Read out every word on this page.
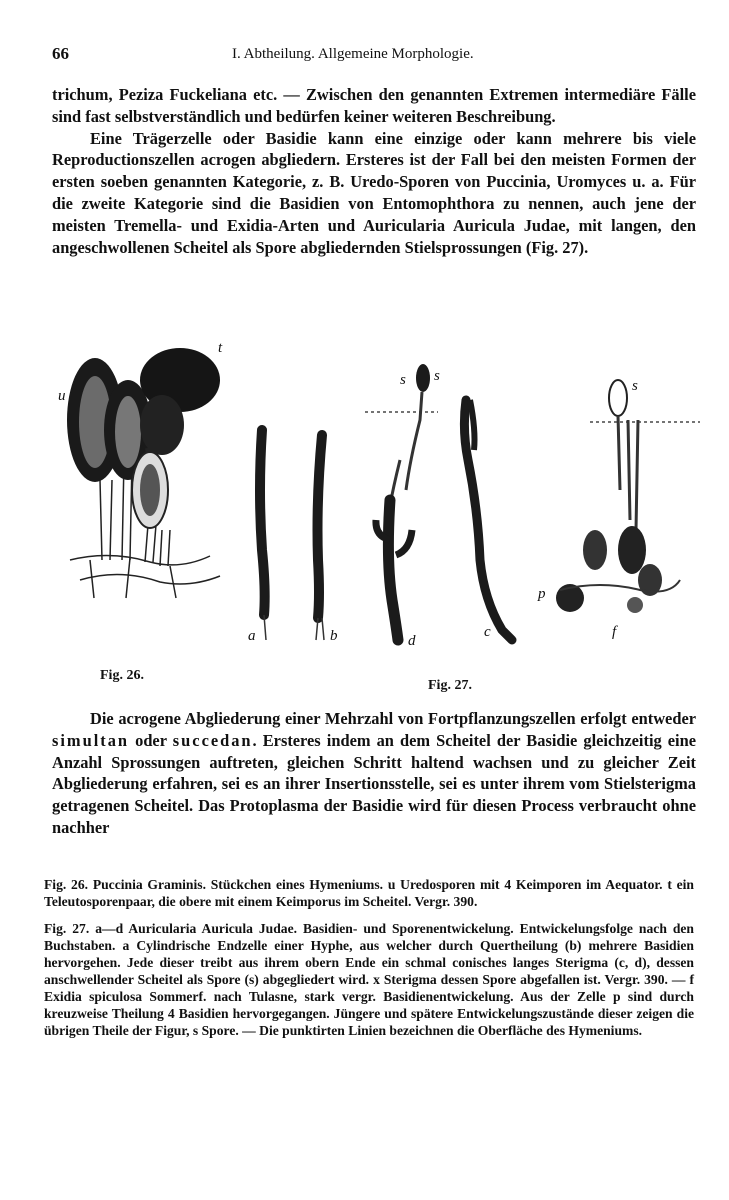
66	I. Abtheilung. Allgemeine Morphologie.

trichum, Peziza Fuckeliana etc. — Zwischen den genannten Extremen intermediäre Fälle sind fast selbstverständlich und bedürfen keiner weiteren Beschreibung.

Eine Trägerzelle oder Basidie kann eine einzige oder kann mehrere bis viele Reproductionszellen acrogen abgliedern. Ersteres ist der Fall bei den meisten Formen der ersten soeben genannten Kategorie, z. B. Uredo-Sporen von Puccinia, Uromyces u. a. Für die zweite Kategorie sind die Basidien von Entomophthora zu nennen, auch jene der meisten Tremella- und Exidia-Arten und Auricularia Auricula Judae, mit langen, den angeschwollenen Scheitel als Spore abgliedernden Stielsprossungen (Fig. 27).

u
t
Fig. 26.
a	b	d
c	f
p
s s
s
Fig. 27.

Die acrogene Abgliederung einer Mehrzahl von Fortpflanzungszellen erfolgt entweder simultan oder succedan. Ersteres indem an dem Scheitel der Basidie gleichzeitig eine Anzahl Sprossungen auftreten, gleichen Schritt haltend wachsen und zu gleicher Zeit Abgliederung erfahren, sei es an ihrer Insertionsstelle, sei es unter ihrem vom Stielsterigma getragenen Scheitel. Das Protoplasma der Basidie wird für diesen Process verbraucht ohne nachher

Fig. 26. Puccinia Graminis. Stückchen eines Hymeniums. u Uredosporen mit 4 Keimporen im Aequator. t ein Teleutosporenpaar, die obere mit einem Keimporus im Scheitel. Vergr. 390.

Fig. 27. a—d Auricularia Auricula Judae. Basidien- und Sporenentwickelung. Entwickelungsfolge nach den Buchstaben. a Cylindrische Endzelle einer Hyphe, aus welcher durch Quertheilung (b) mehrere Basidien hervorgehen. Jede dieser treibt aus ihrem obern Ende ein schmal conisches langes Sterigma (c, d), dessen anschwellender Scheitel als Spore (s) abgegliedert wird. x Sterigma dessen Spore abgefallen ist. Vergr. 390. — f Exidia spiculosa Sommerf. nach Tulasne, stark vergr. Basidienentwickelung. Aus der Zelle p sind durch kreuzweise Theilung 4 Basidien hervorgegangen. Jüngere und spätere Entwickelungszustände dieser zeigen die übrigen Theile der Figur, s Spore. — Die punktirten Linien bezeichnen die Oberfläche des Hymeniums.
